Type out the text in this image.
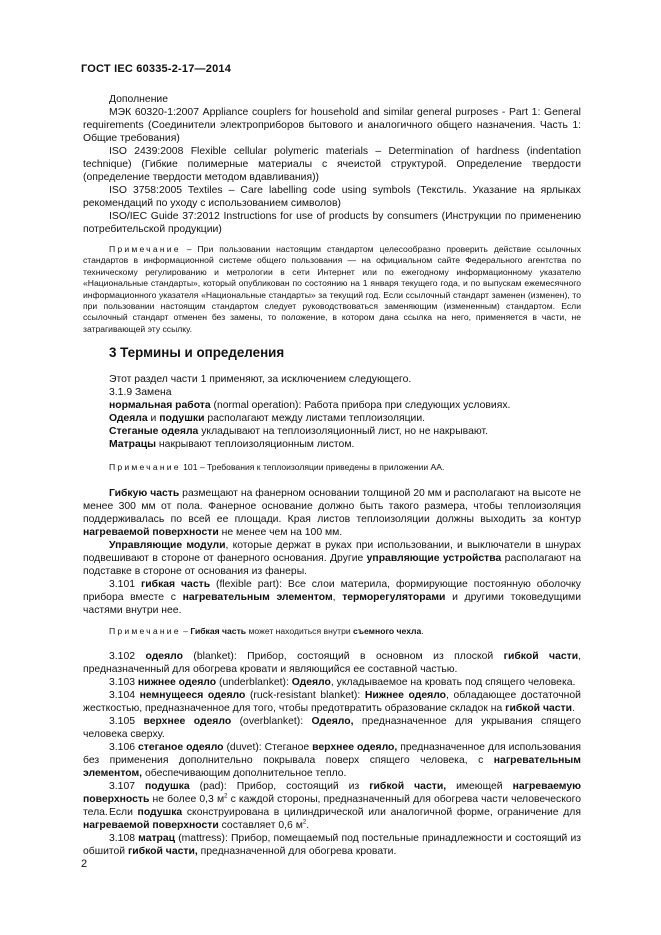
ГОСТ IEC 60335-2-17—2014

Дополнение

МЭК 60320-1:2007 Appliance couplers for household and similar general purposes - Part 1: General requirements (Соединители электроприборов бытового и аналогичного общего назначения. Часть 1: Общие требования)

ISO 2439:2008 Flexible cellular polymeric materials – Determination of hardness (indentation technique) (Гибкие полимерные материалы с ячеистой структурой. Определение твердости (определение твердости методом вдавливания))

ISO 3758:2005 Textiles – Care labelling code using symbols (Текстиль. Указание на ярлыках рекомендаций по уходу с использованием символов)

ISO/IEC Guide 37:2012 Instructions for use of products by consumers (Инструкции по применению потребительской продукции)

Примечание – При пользовании настоящим стандартом целесообразно проверить действие ссылочных стандартов в информационной системе общего пользования — на официальном сайте Федерального агентства по техническому регулированию и метрологии в сети Интернет или по ежегодному информационному указателю «Национальные стандарты», который опубликован по состоянию на 1 января текущего года, и по выпускам ежемесячного информационного указателя «Национальные стандарты» за текущий год. Если ссылочный стандарт заменен (изменен), то при пользовании настоящим стандартом следует руководствоваться заменяющим (измененным) стандартом. Если ссылочный стандарт отменен без замены, то положение, в котором дана ссылка на него, применяется в части, не затрагивающей эту ссылку.

3 Термины и определения

Этот раздел части 1 применяют, за исключением следующего.

3.1.9 Замена

нормальная работа (normal operation): Работа прибора при следующих условиях.

Одеяла и подушки располагают между листами теплоизоляции.

Стеганые одеяла укладывают на теплоизоляционный лист, но не накрывают.

Матрацы накрывают теплоизоляционным листом.

Примечание 101 – Требования к теплоизоляции приведены в приложении АА.

Гибкую часть размещают на фанерном основании толщиной 20 мм и располагают на высоте не менее 300 мм от пола. Фанерное основание должно быть такого размера, чтобы теплоизоляция поддерживалась по всей ее площади. Края листов теплоизоляции должны выходить за контур нагреваемой поверхности не менее чем на 100 мм.

Управляющие модули, которые держат в руках при использовании, и выключатели в шнурах подвешивают в стороне от фанерного основания. Другие управляющие устройства располагают на подставке в стороне от основания из фанеры.

3.101 гибкая часть (flexible part): Все слои материла, формирующие постоянную оболочку прибора вместе с нагревательным элементом, терморегуляторами и другими токоведущими частями внутри нее.

Примечание – Гибкая часть может находиться внутри съемного чехла.

3.102 одеяло (blanket): Прибор, состоящий в основном из плоской гибкой части, предназначенный для обогрева кровати и являющийся ее составной частью.

3.103 нижнее одеяло (underblanket): Одеяло, укладываемое на кровать под спящего человека.

3.104 немнущееся одеяло (ruck-resistant blanket): Нижнее одеяло, обладающее достаточной жесткостью, предназначенное для того, чтобы предотвратить образование складок на гибкой части.

3.105 верхнее одеяло (overblanket): Одеяло, предназначенное для укрывания спящего человека сверху.

3.106 стеганое одеяло (duvet): Стеганое верхнее одеяло, предназначенное для использования без применения дополнительно покрывала поверх спящего человека, с нагревательным элементом, обеспечивающим дополнительное тепло.

3.107 подушка (pad): Прибор, состоящий из гибкой части, имеющей нагреваемую поверхность не более 0,3 $м^2$ с каждой стороны, предназначенный для обогрева части человеческого тела. Если подушка сконструирована в цилиндрической или аналогичной форме, ограничение для нагреваемой поверхности составляет 0,6 $м^2$.

3.108 матрац (mattress): Прибор, помещаемый под постельные принадлежности и состоящий из обшитой гибкой части, предназначенной для обогрева кровати.

2
